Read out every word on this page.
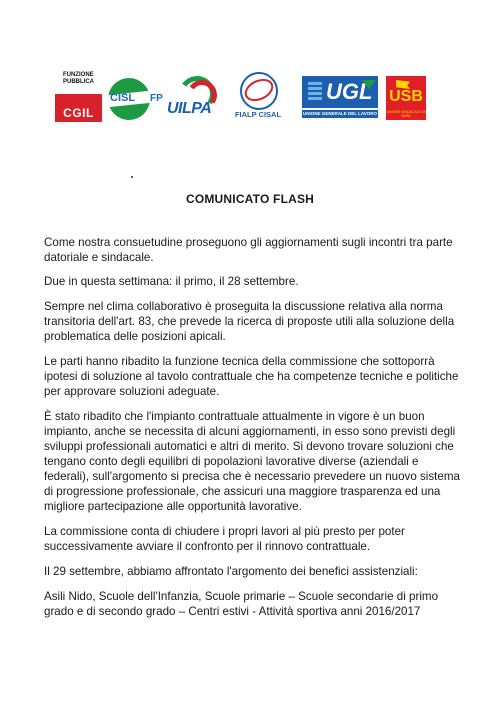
FUNZIONE
PUBBLICA
CGIL
CISL FP
UILPA	FIALP CISAL
UGL
UNIONE GENERALE DEL LAVORO
USB
UNIONE SINDACALE DI BASE
COMUNICATO FLASH

Come nostra consuetudine proseguono gli aggiornamenti sugli incontri tra parte datoriale e sindacale.

Due in questa settimana: il primo, il 28 settembre.

Sempre nel clima collaborativo è proseguita la discussione relativa alla norma transitoria dell'art. 83, che prevede la ricerca di proposte utili alla soluzione della problematica delle posizioni apicali.

Le parti hanno ribadito la funzione tecnica della commissione che sottoporrà ipotesi di soluzione al tavolo contrattuale che ha competenze tecniche e politiche per approvare soluzioni adeguate.

È stato ribadito che l'impianto contrattuale attualmente in vigore è un buon impianto, anche se necessita di alcuni aggiornamenti, in esso sono previsti degli sviluppi professionali automatici e altri di merito. Si devono trovare soluzioni che tengano conto degli equilibri di popolazioni lavorative diverse (aziendali e federali), sull'argomento si precisa che è necessario prevedere un nuovo sistema di progressione professionale, che assicuri una maggiore trasparenza ed una migliore partecipazione alle opportunità lavorative.

La commissione conta di chiudere i propri lavori al più presto per poter successivamente avviare il confronto per il rinnovo contrattuale.

Il 29 settembre, abbiamo affrontato l'argomento dei benefici assistenziali:

Asili Nido, Scuole dell'Infanzia, Scuole primarie – Scuole secondarie di primo grado e di secondo grado – Centri estivi - Attività sportiva anni 2016/2017
